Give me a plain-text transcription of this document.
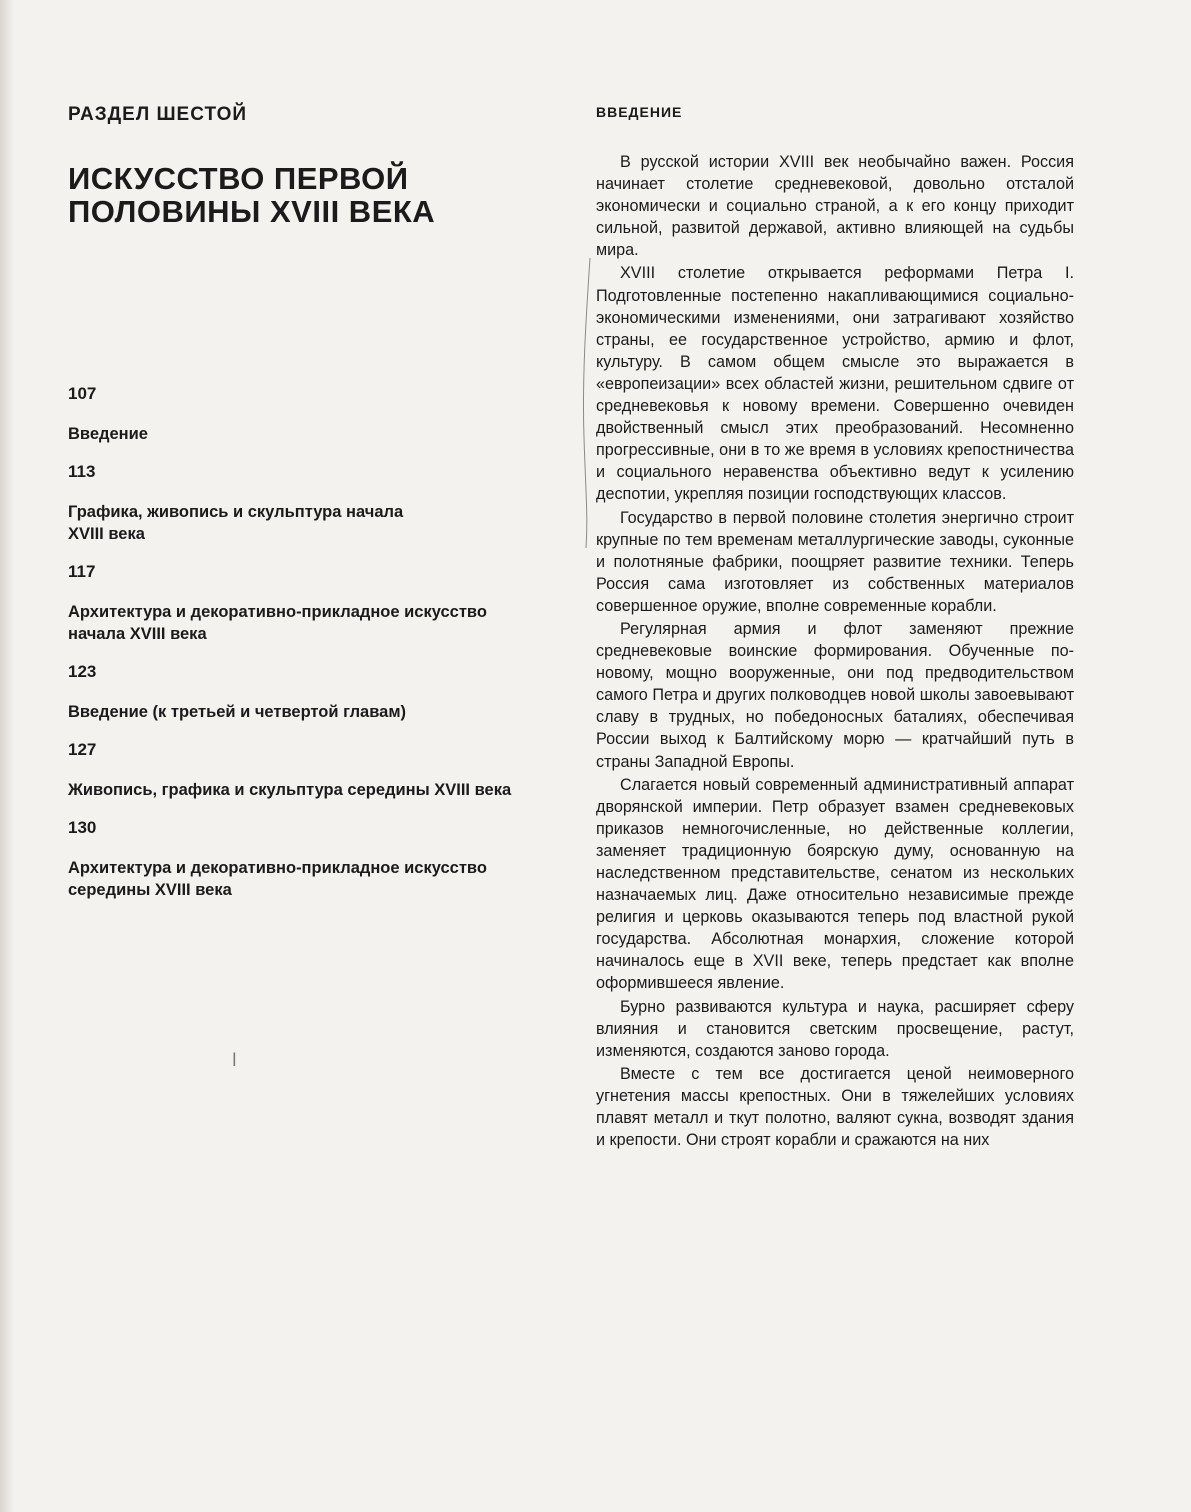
РАЗДЕЛ ШЕСТОЙ

ИСКУССТВО ПЕРВОЙ
ПОЛОВИНЫ XVIII ВЕКА

107

Введение

113

Графика, живопись и скульптура начала XVIII века

117

Архитектура и декоративно-прикладное искусство начала XVIII века

123

Введение (к третьей и четвертой главам)

127

Живопись, графика и скульптура середины XVIII века

130

Архитектура и декоративно-прикладное искусство середины XVIII века

ВВЕДЕНИЕ

В русской истории XVIII век необычайно важен. Россия начинает столетие средневековой, довольно отсталой экономически и социально страной, а к его концу приходит сильной, развитой державой, активно влияющей на судьбы мира.

XVIII столетие открывается реформами Петра I. Подготовленные постепенно накапливающимися социально-экономическими изменениями, они затрагивают хозяйство страны, ее государственное устройство, армию и флот, культуру. В самом общем смысле это выражается в «европеизации» всех областей жизни, решительном сдвиге от средневековья к новому времени. Совершенно очевиден двойственный смысл этих преобразований. Несомненно прогрессивные, они в то же время в условиях крепостничества и социального неравенства объективно ведут к усилению деспотии, укрепляя позиции господствующих классов.

Государство в первой половине столетия энергично строит крупные по тем временам металлургические заводы, суконные и полотняные фабрики, поощряет развитие техники. Теперь Россия сама изготовляет из собственных материалов совершенное оружие, вполне современные корабли.

Регулярная армия и флот заменяют прежние средневековые воинские формирования. Обученные по-новому, мощно вооруженные, они под предводительством самого Петра и других полководцев новой школы завоевывают славу в трудных, но победоносных баталиях, обеспечивая России выход к Балтийскому морю — кратчайший путь в страны Западной Европы.

Слагается новый современный административный аппарат дворянской империи. Петр образует взамен средневековых приказов немногочисленные, но действенные коллегии, заменяет традиционную боярскую думу, основанную на наследственном представительстве, сенатом из нескольких назначаемых лиц. Даже относительно независимые прежде религия и церковь оказываются теперь под властной рукой государства. Абсолютная монархия, сложение которой начиналось еще в XVII веке, теперь предстает как вполне оформившееся явление.

Бурно развиваются культура и наука, расширяет сферу влияния и становится светским просвещение, растут, изменяются, создаются заново города.

Вместе с тем все достигается ценой неимоверного угнетения массы крепостных. Они в тяжелейших условиях плавят металл и ткут полотно, валяют сукна, возводят здания и крепости. Они строят корабли и сражаются на них

ǀ
